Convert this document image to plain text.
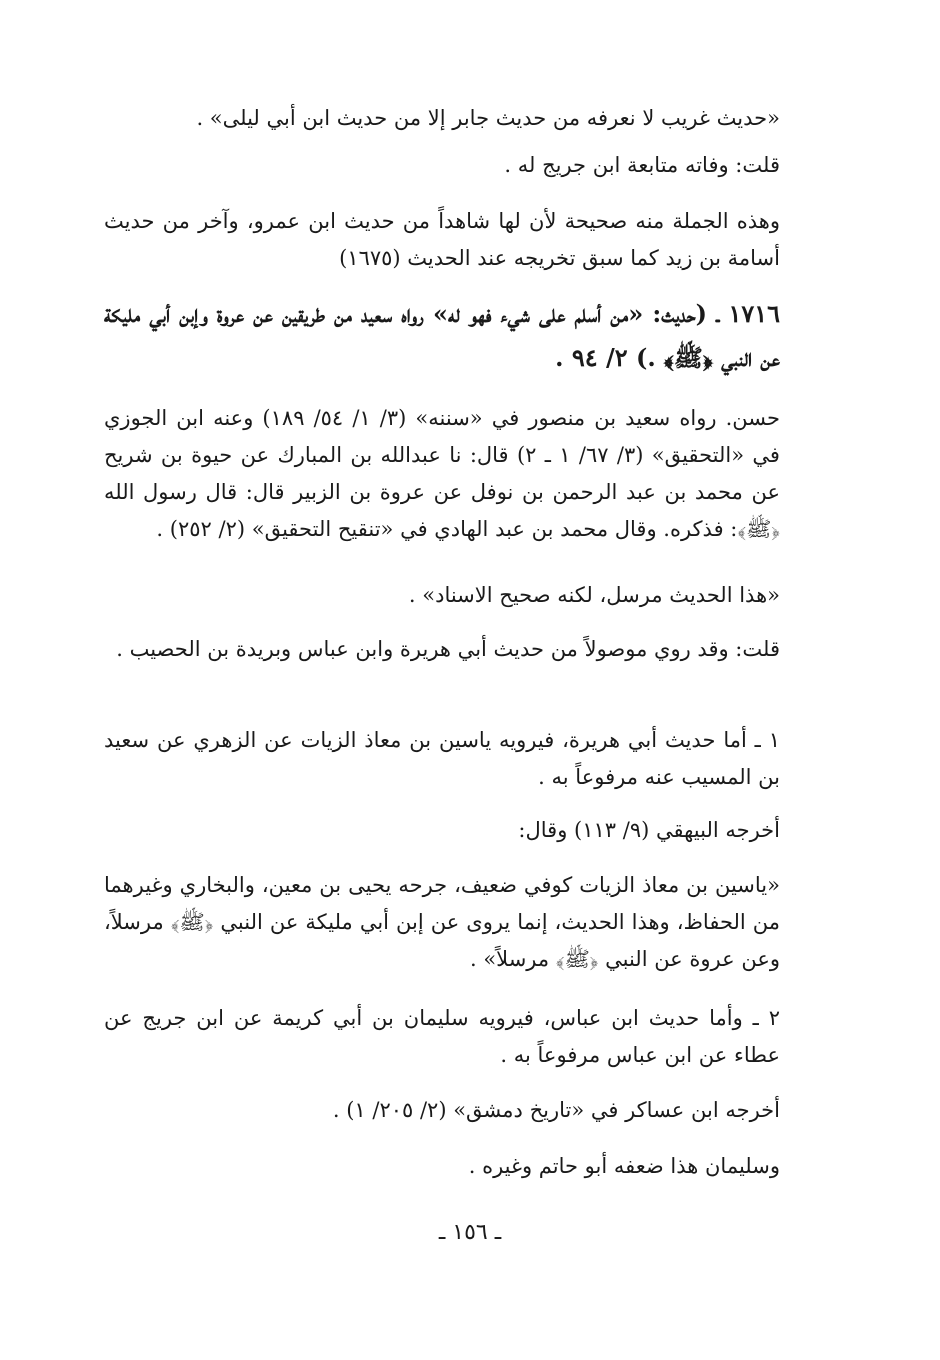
«حديث غريب لا نعرفه من حديث جابر إلا من حديث ابن أبي ليلى» .

قلت: وفاته متابعة ابن جريج له .

وهذه الجملة منه صحيحة لأن لها شاهداً من حديث ابن عمرو، وآخر من حديث أسامة بن زيد كما سبق تخريجه عند الحديث (١٦٧٥)

١٧١٦ ـ (حديث: «من أسلم على شيء فهو له» رواه سعيد من طريقين عن عروة وإبن أبي مليكة عن النبي ﴿ﷺ﴾ .) ٢/ ٩٤ .

حسن. رواه سعيد بن منصور في «سننه» (٣/ ١/ ٥٤/ ١٨٩) وعنه ابن الجوزي في «التحقيق» (٣/ ٦٧/ ١ ـ ٢) قال: نا عبدالله بن المبارك عن حيوة بن شريح عن محمد بن عبد الرحمن بن نوفل عن عروة بن الزبير قال: قال رسول الله ﴿ﷺ﴾: فذكره. وقال محمد بن عبد الهادي في «تنقيح التحقيق» (٢/ ٢٥٢) .

«هذا الحديث مرسل، لكنه صحيح الاسناد» .

قلت: وقد روي موصولاً من حديث أبي هريرة وابن عباس وبريدة بن الحصيب .

١ ـ أما حديث أبي هريرة، فيرويه ياسين بن معاذ الزيات عن الزهري عن سعيد بن المسيب عنه مرفوعاً به .

أخرجه البيهقي (٩/ ١١٣) وقال:

«ياسين بن معاذ الزيات كوفي ضعيف، جرحه يحيى بن معين، والبخاري وغيرهما من الحفاظ، وهذا الحديث، إنما يروى عن إبن أبي مليكة عن النبي ﴿ﷺ﴾ مرسلاً، وعن عروة عن النبي ﴿ﷺ﴾ مرسلاً» .

٢ ـ وأما حديث ابن عباس، فيرويه سليمان بن أبي كريمة عن ابن جريج عن عطاء عن ابن عباس مرفوعاً به .

أخرجه ابن عساكر في «تاريخ دمشق» (٢/ ٢٠٥/ ١) .

وسليمان هذا ضعفه أبو حاتم وغيره .

ـ ١٥٦ ـ
